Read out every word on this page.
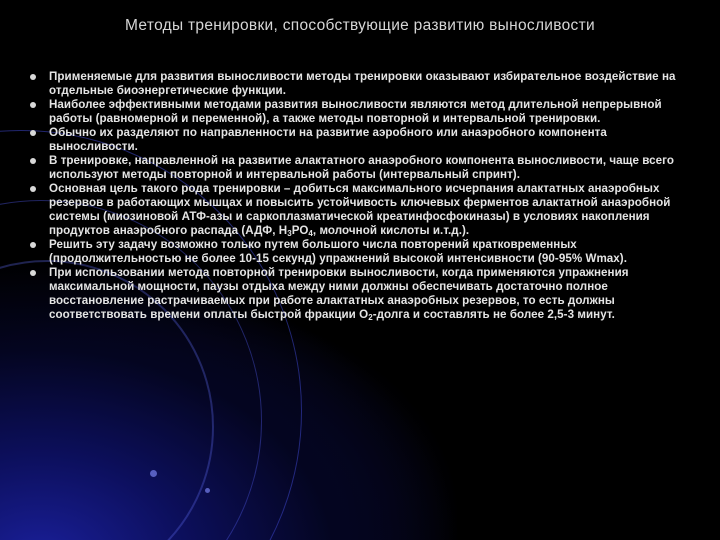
Методы тренировки, способствующие развитию выносливости
Применяемые для развития выносливости методы тренировки оказывают избирательное воздействие на отдельные биоэнергетические функции.
Наиболее эффективными методами развития выносливости являются метод длительной непрерывной работы (равномерной и переменной), а также методы повторной и интервальной тренировки.
Обычно их разделяют по направленности на развитие аэробного или анаэробного компонента выносливости.
В тренировке, направленной на развитие алактатного анаэробного компонента выносливости, чаще всего используют методы повторной и интервальной работы (интервальный спринт).
Основная цель такого рода тренировки – добиться максимального исчерпания алактатных анаэробных резервов в работающих мышцах и повысить устойчивость ключевых ферментов алактатной анаэробной системы (миозиновой АТФ-азы и саркоплазматической креатинфосфокиназы) в условиях накопления продуктов анаэробного распада (АДФ, $Н_3РО_4$, молочной кислоты и.т.д.).
Решить эту задачу возможно только путем большого числа повторений кратковременных (продолжительностью не более 10-15 секунд) упражнений высокой интенсивности (90-95% Wmax).
При использовании метода повторной тренировки выносливости, когда применяются упражнения максимальной мощности, паузы отдыха между ними должны обеспечивать достаточно полное восстановление растрачиваемых при работе алактатных анаэробных резервов, то есть должны соответствовать времени оплаты быстрой фракции $О_2$-долга и составлять не более 2,5-3 минут.
